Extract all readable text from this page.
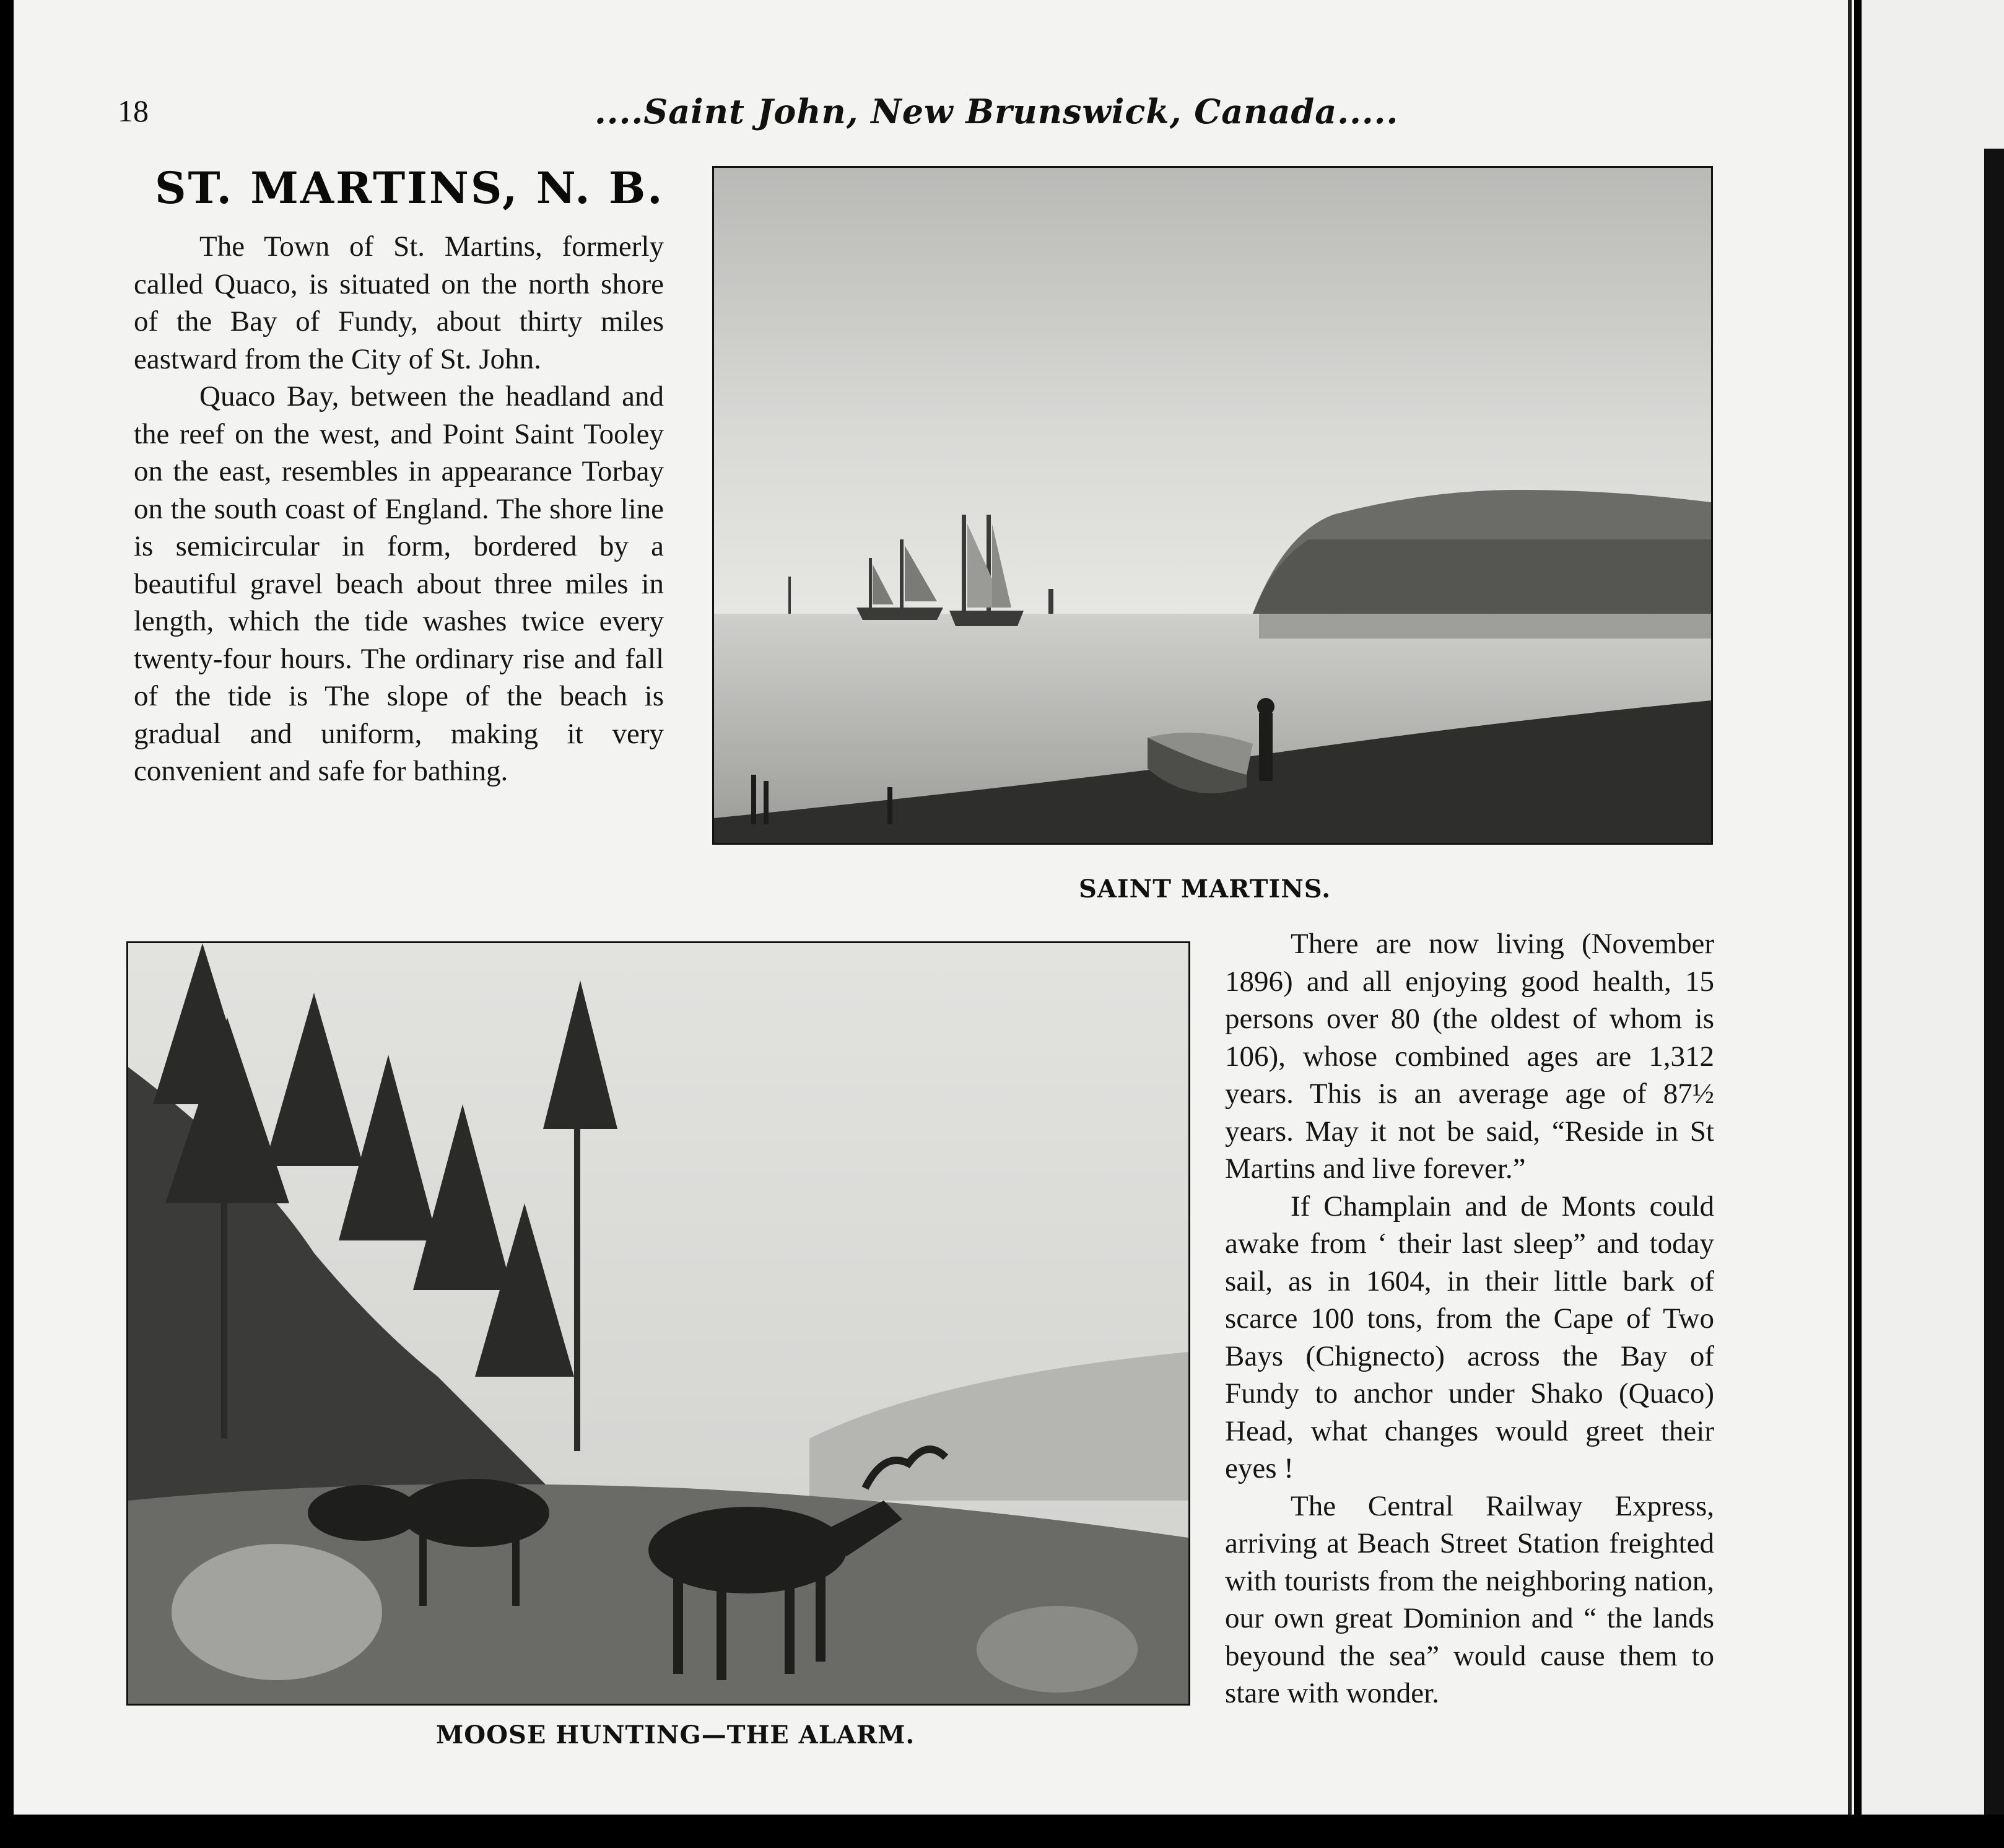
18	....Saint John, New Brunswick, Canada.....
ST. MARTINS, N. B.

The Town of St. Martins, formerly called Quaco, is situated on the north shore of the Bay of Fundy, about thirty miles eastward from the City of St. John.

Quaco Bay, between the headland and the reef on the west, and Point Saint Tooley on the east, resembles in appearance Torbay on the south coast of England. The shore line is semicircular in form, bordered by a beautiful gravel beach about three miles in length, which the tide washes twice every twenty-four hours. The ordinary rise and fall of the tide is The slope of the beach is gradual and uniform, making it very convenient and safe for bathing.

SAINT MARTINS.
MOOSE HUNTING—THE ALARM.

There are now living (November 1896) and all enjoying good health, 15 persons over 80 (the oldest of whom is 106), whose combined ages are 1,312 years. This is an average age of 87½ years. May it not be said, “Reside in St Martins and live forever.”

If Champlain and de Monts could awake from ‘ their last sleep” and today sail, as in 1604, in their little bark of scarce 100 tons, from the Cape of Two Bays (Chignecto) across the Bay of Fundy to anchor under Shako (Quaco) Head, what changes would greet their eyes !

The Central Railway Express, arriving at Beach Street Station freighted with tourists from the neighboring nation, our own great Dominion and “ the lands beyound the sea” would cause them to stare with wonder.
